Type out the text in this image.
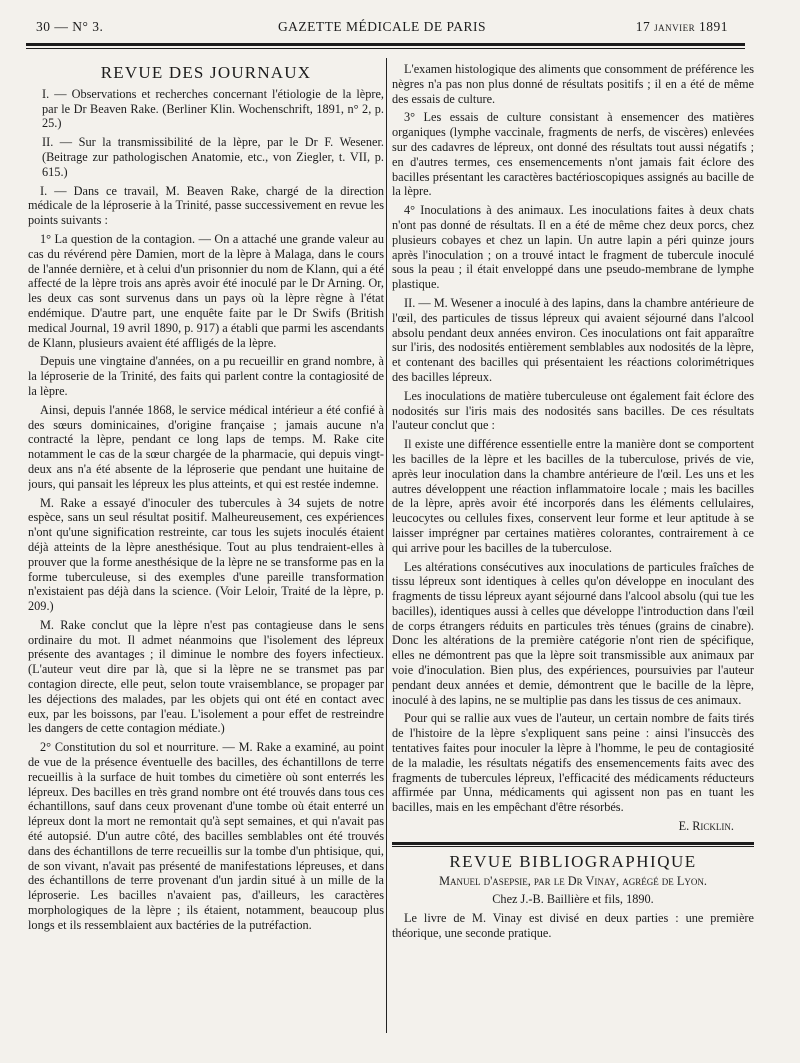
30 — N° 3.	GAZETTE MÉDICALE DE PARIS	17 janvier 1891
REVUE DES JOURNAUX

I. — Observations et recherches concernant l'étiologie de la lèpre, par le Dr Beaven Rake. (Berliner Klin. Wochenschrift, 1891, n° 2, p. 25.)

II. — Sur la transmissibilité de la lèpre, par le Dr F. Wesener. (Beitrage zur pathologischen Anatomie, etc., von Ziegler, t. VII, p. 615.)

I. — Dans ce travail, M. Beaven Rake, chargé de la direction médicale de la léproserie à la Trinité, passe successivement en revue les points suivants :

1° La question de la contagion. — On a attaché une grande valeur au cas du révérend père Damien, mort de la lèpre à Malaga, dans le cours de l'année dernière, et à celui d'un prisonnier du nom de Klann, qui a été affecté de la lèpre trois ans après avoir été inoculé par le Dr Arning. Or, les deux cas sont survenus dans un pays où la lèpre règne à l'état endémique. D'autre part, une enquête faite par le Dr Swifs (British medical Journal, 19 avril 1890, p. 917) a établi que parmi les ascendants de Klann, plusieurs avaient été affligés de la lèpre.

Depuis une vingtaine d'années, on a pu recueillir en grand nombre, à la léproserie de la Trinité, des faits qui parlent contre la contagiosité de la lèpre.

Ainsi, depuis l'année 1868, le service médical intérieur a été confié à des sœurs dominicaines, d'origine française ; jamais aucune n'a contracté la lèpre, pendant ce long laps de temps. M. Rake cite notamment le cas de la sœur chargée de la pharmacie, qui depuis vingt-deux ans n'a été absente de la léproserie que pendant une huitaine de jours, qui pansait les lépreux les plus atteints, et qui est restée indemne.

M. Rake a essayé d'inoculer des tubercules à 34 sujets de notre espèce, sans un seul résultat positif. Malheureusement, ces expériences n'ont qu'une signification restreinte, car tous les sujets inoculés étaient déjà atteints de la lèpre anesthésique. Tout au plus tendraient-elles à prouver que la forme anesthésique de la lèpre ne se transforme pas en la forme tuberculeuse, si des exemples d'une pareille transformation n'existaient pas déjà dans la science. (Voir Leloir, Traité de la lèpre, p. 209.)

M. Rake conclut que la lèpre n'est pas contagieuse dans le sens ordinaire du mot. Il admet néanmoins que l'isolement des lépreux présente des avantages ; il diminue le nombre des foyers infectieux. (L'auteur veut dire par là, que si la lèpre ne se transmet pas par contagion directe, elle peut, selon toute vraisemblance, se propager par les déjections des malades, par les objets qui ont été en contact avec eux, par les boissons, par l'eau. L'isolement a pour effet de restreindre les dangers de cette contagion médiate.)

2° Constitution du sol et nourriture. — M. Rake a examiné, au point de vue de la présence éventuelle des bacilles, des échantillons de terre recueillis à la surface de huit tombes du cimetière où sont enterrés les lépreux. Des bacilles en très grand nombre ont été trouvés dans tous ces échantillons, sauf dans ceux provenant d'une tombe où était enterré un lépreux dont la mort ne remontait qu'à sept semaines, et qui n'avait pas été autopsié. D'un autre côté, des bacilles semblables ont été trouvés dans des échantillons de terre recueillis sur la tombe d'un phtisique, qui, de son vivant, n'avait pas présenté de manifestations lépreuses, et dans des échantillons de terre provenant d'un jardin situé à un mille de la léproserie. Les bacilles n'avaient pas, d'ailleurs, les caractères morphologiques de la lèpre ; ils étaient, notamment, beaucoup plus longs et ils ressemblaient aux bactéries de la putréfaction.

L'examen histologique des aliments que consomment de préférence les nègres n'a pas non plus donné de résultats positifs ; il en a été de même des essais de culture.

3° Les essais de culture consistant à ensemencer des matières organiques (lymphe vaccinale, fragments de nerfs, de viscères) enlevées sur des cadavres de lépreux, ont donné des résultats tout aussi négatifs ; en d'autres termes, ces ensemencements n'ont jamais fait éclore des bacilles présentant les caractères bactérioscopiques assignés au bacille de la lèpre.

4° Inoculations à des animaux. Les inoculations faites à deux chats n'ont pas donné de résultats. Il en a été de même chez deux porcs, chez plusieurs cobayes et chez un lapin. Un autre lapin a péri quinze jours après l'inoculation ; on a trouvé intact le fragment de tubercule inoculé sous la peau ; il était enveloppé dans une pseudo-membrane de lymphe plastique.

II. — M. Wesener a inoculé à des lapins, dans la chambre antérieure de l'œil, des particules de tissus lépreux qui avaient séjourné dans l'alcool absolu pendant deux années environ. Ces inoculations ont fait apparaître sur l'iris, des nodosités entièrement semblables aux nodosités de la lèpre, et contenant des bacilles qui présentaient les réactions colorimétriques des bacilles lépreux.

Les inoculations de matière tuberculeuse ont également fait éclore des nodosités sur l'iris mais des nodosités sans bacilles. De ces résultats l'auteur conclut que :

Il existe une différence essentielle entre la manière dont se comportent les bacilles de la lèpre et les bacilles de la tuberculose, privés de vie, après leur inoculation dans la chambre antérieure de l'œil. Les uns et les autres développent une réaction inflammatoire locale ; mais les bacilles de la lèpre, après avoir été incorporés dans les éléments cellulaires, leucocytes ou cellules fixes, conservent leur forme et leur aptitude à se laisser imprégner par certaines matières colorantes, contrairement à ce qui arrive pour les bacilles de la tuberculose.

Les altérations consécutives aux inoculations de particules fraîches de tissu lépreux sont identiques à celles qu'on développe en inoculant des fragments de tissu lépreux ayant séjourné dans l'alcool absolu (qui tue les bacilles), identiques aussi à celles que développe l'introduction dans l'œil de corps étrangers réduits en particules très ténues (grains de cinabre). Donc les altérations de la première catégorie n'ont rien de spécifique, elles ne démontrent pas que la lèpre soit transmissible aux animaux par voie d'inoculation. Bien plus, des expériences, poursuivies par l'auteur pendant deux années et demie, démontrent que le bacille de la lèpre, inoculé à des lapins, ne se multiplie pas dans les tissus de ces animaux.

Pour qui se rallie aux vues de l'auteur, un certain nombre de faits tirés de l'histoire de la lèpre s'expliquent sans peine : ainsi l'insuccès des tentatives faites pour inoculer la lèpre à l'homme, le peu de contagiosité de la maladie, les résultats négatifs des ensemencements faits avec des fragments de tubercules lépreux, l'efficacité des médicaments réducteurs affirmée par Unna, médicaments qui agissent non pas en tuant les bacilles, mais en les empêchant d'être résorbés.

E. Ricklin.

REVUE BIBLIOGRAPHIQUE

Manuel d'asepsie, par le Dr Vinay, agrégé de Lyon.

Chez J.-B. Baillière et fils, 1890.

Le livre de M. Vinay est divisé en deux parties : une première théorique, une seconde pratique.
